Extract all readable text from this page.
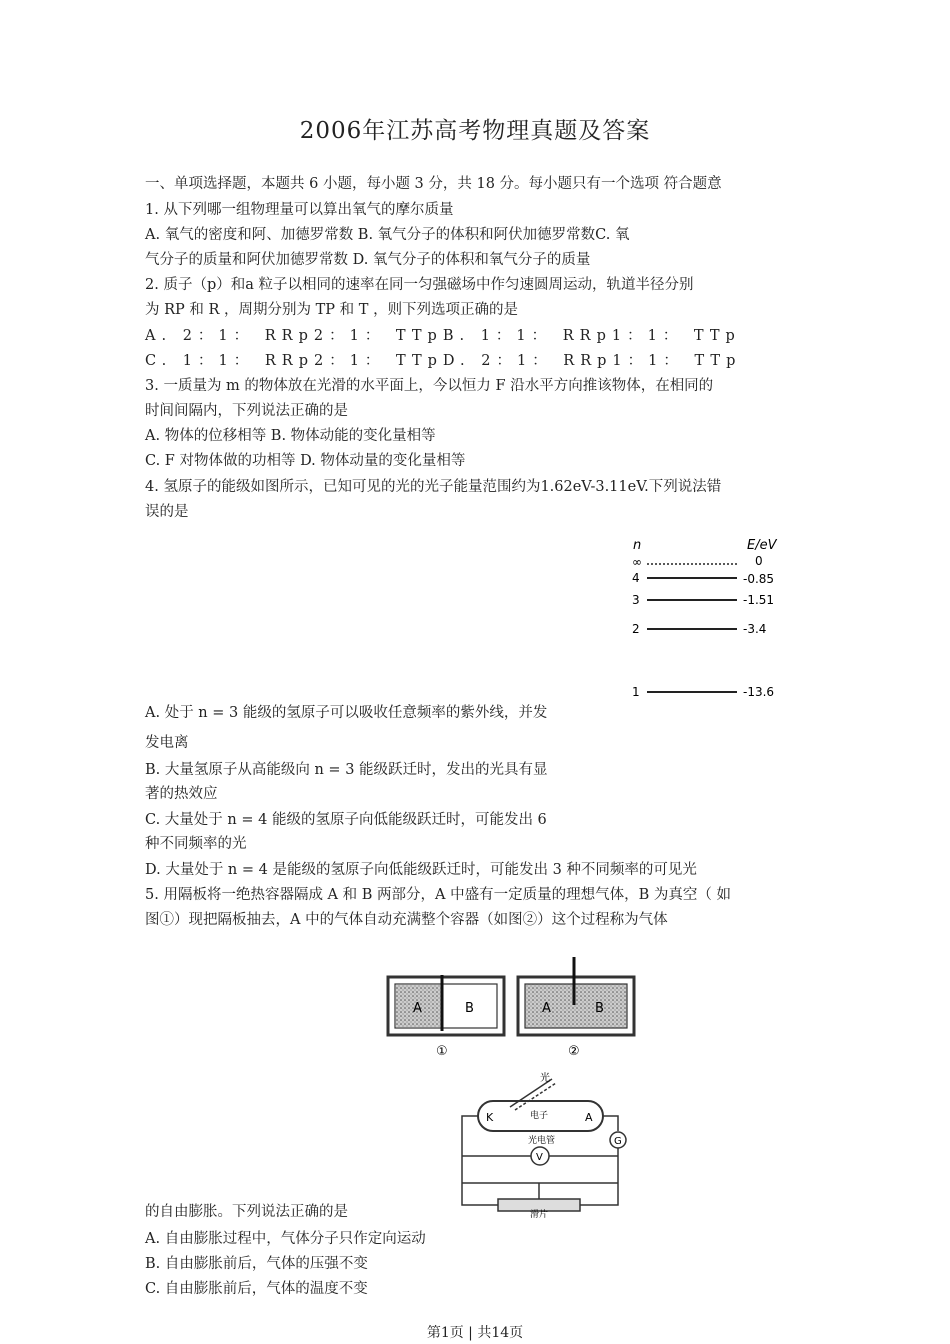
2006年江苏高考物理真题及答案
一、单项选择题，本题共 6 小题，每小题 3 分，共 18 分。每小题只有一个选项 符合题意
1. 从下列哪一组物理量可以算出氧气的摩尔质量
A. 氧气的密度和阿、加德罗常数 B. 氧气分子的体积和阿伏加德罗常数C. 氧
气分子的质量和阿伏加德罗常数 D. 氧气分子的体积和氧气分子的质量
2. 质子（p）和a 粒子以相同的速率在同一匀强磁场中作匀速圆周运动，轨道半径分别
为 RP 和 R ，周期分别为 TP 和 T ，则下列选项正确的是
A. 2：1： RRp2：1： TTpB. 1：1： RRp1：1： TTp
C. 1：1： RRp2：1： TTpD. 2：1： RRp1：1： TTp
3. 一质量为 m 的物体放在光滑的水平面上，今以恒力 F 沿水平方向推该物体，在相同的
时间间隔内，下列说法正确的是
A. 物体的位移相等 B. 物体动能的变化量相等
C. F 对物体做的功相等 D. 物体动量的变化量相等
4. 氢原子的能级如图所示，已知可见的光的光子能量范围约为1.62eV-3.11eV.下列说法错
误的是
n	E/eV
∞	0
4	-0.85
3	-1.51
2	-3.4
1	-13.6
A. 处于 n = 3 能级的氢原子可以吸收任意频率的紫外线，并发
发电离
B. 大量氢原子从高能级向 n = 3 能级跃迁时，发出的光具有显
著的热效应
C. 大量处于 n = 4 能级的氢原子向低能级跃迁时，可能发出 6
种不同频率的光
D. 大量处于 n = 4 是能级的氢原子向低能级跃迁时，可能发出 3 种不同频率的可见光
5. 用隔板将一绝热容器隔成 A 和 B 两部分，A 中盛有一定质量的理想气体，B 为真空（ 如
图①）现把隔板抽去，A 中的气体自动充满整个容器（如图②）这个过程称为气体
A	B
①
A	B
②
光
K	A
电子
光电管	G
V
滑片
的自由膨胀。下列说法正确的是
A. 自由膨胀过程中，气体分子只作定向运动
B. 自由膨胀前后，气体的压强不变
C. 自由膨胀前后，气体的温度不变
第1页 | 共14页
